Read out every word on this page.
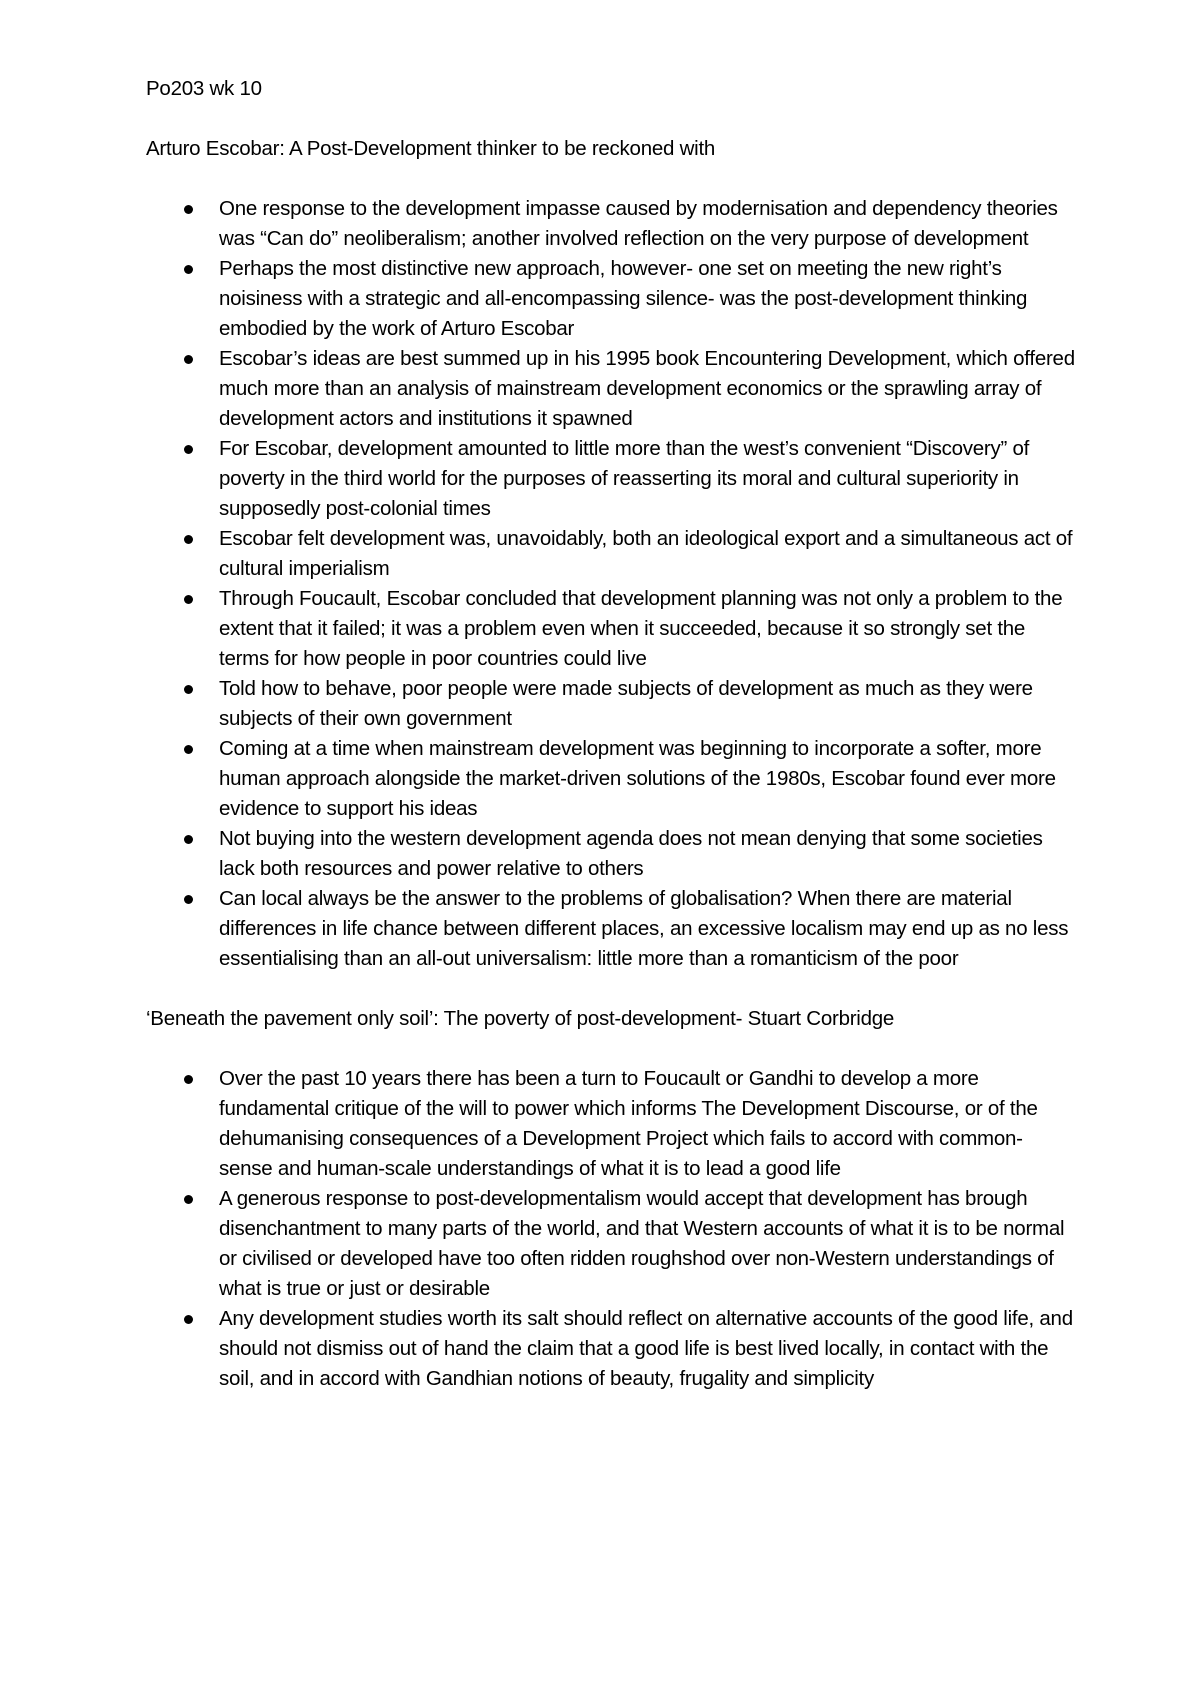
Po203 wk 10

Arturo Escobar: A Post-Development thinker to be reckoned with

One response to the development impasse caused by modernisation and dependency theories was “Can do” neoliberalism; another involved reflection on the very purpose of development
Perhaps the most distinctive new approach, however- one set on meeting the new right’s noisiness with a strategic and all-encompassing silence- was the post-development thinking embodied by the work of Arturo Escobar
Escobar’s ideas are best summed up in his 1995 book Encountering Development, which offered much more than an analysis of mainstream development economics or the sprawling array of development actors and institutions it spawned
For Escobar, development amounted to little more than the west’s convenient “Discovery” of poverty in the third world for the purposes of reasserting its moral and cultural superiority in supposedly post-colonial times
Escobar felt development was, unavoidably, both an ideological export and a simultaneous act of cultural imperialism
Through Foucault, Escobar concluded that development planning was not only a problem to the extent that it failed; it was a problem even when it succeeded, because it so strongly set the terms for how people in poor countries could live
Told how to behave, poor people were made subjects of development as much as they were subjects of their own government
Coming at a time when mainstream development was beginning to incorporate a softer, more human approach alongside the market-driven solutions of the 1980s, Escobar found ever more evidence to support his ideas
Not buying into the western development agenda does not mean denying that some societies lack both resources and power relative to others
Can local always be the answer to the problems of globalisation? When there are material differences in life chance between different places, an excessive localism may end up as no less essentialising than an all-out universalism: little more than a romanticism of the poor

‘Beneath the pavement only soil’: The poverty of post-development- Stuart Corbridge

Over the past 10 years there has been a turn to Foucault or Gandhi to develop a more fundamental critique of the will to power which informs The Development Discourse, or of the dehumanising consequences of a Development Project which fails to accord with common-sense and human-scale understandings of what it is to lead a good life
A generous response to post-developmentalism would accept that development has brough disenchantment to many parts of the world, and that Western accounts of what it is to be normal or civilised or developed have too often ridden roughshod over non-Western understandings of what is true or just or desirable
Any development studies worth its salt should reflect on alternative accounts of the good life, and should not dismiss out of hand the claim that a good life is best lived locally, in contact with the soil, and in accord with Gandhian notions of beauty, frugality and simplicity
